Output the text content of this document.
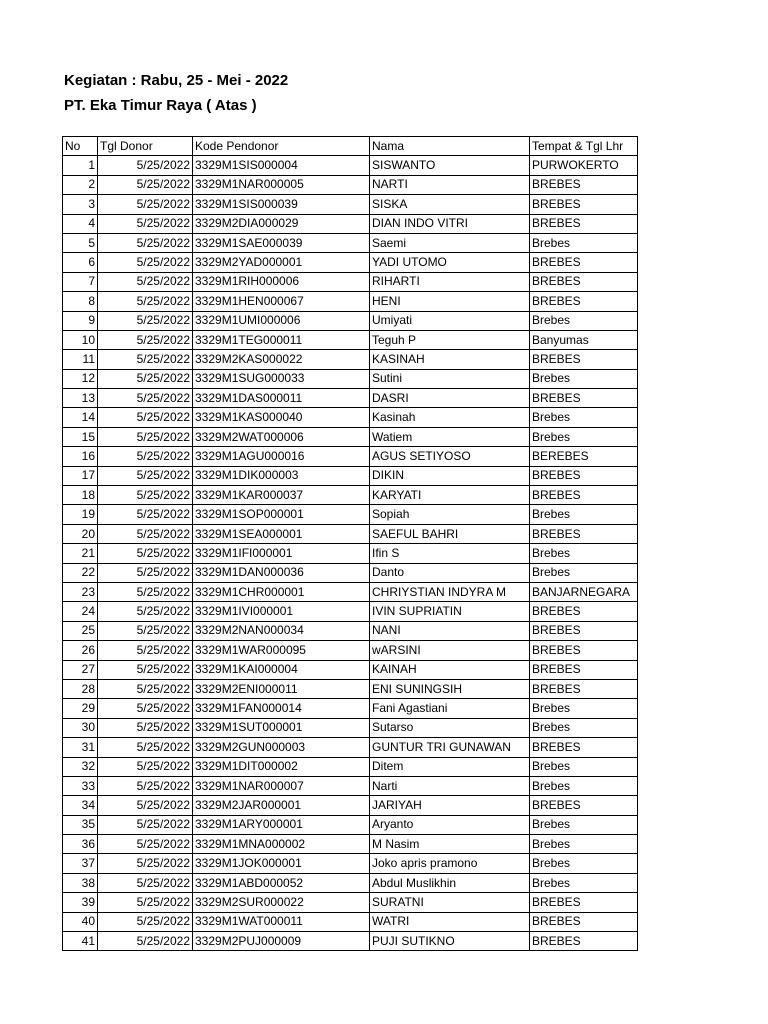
Kegiatan : Rabu, 25 - Mei - 2022
PT. Eka Timur Raya ( Atas )
No	Tgl Donor	Kode Pendonor	Nama	Tempat & Tgl Lhr
1	5/25/2022	3329M1SIS000004	SISWANTO	PURWOKERTO
2	5/25/2022	3329M1NAR000005	NARTI	BREBES
3	5/25/2022	3329M1SIS000039	SISKA	BREBES
4	5/25/2022	3329M2DIA000029	DIAN INDO VITRI	BREBES
5	5/25/2022	3329M1SAE000039	Saemi	Brebes
6	5/25/2022	3329M2YAD000001	YADI UTOMO	BREBES
7	5/25/2022	3329M1RIH000006	RIHARTI	BREBES
8	5/25/2022	3329M1HEN000067	HENI	BREBES
9	5/25/2022	3329M1UMI000006	Umiyati	Brebes
10	5/25/2022	3329M1TEG000011	Teguh P	Banyumas
11	5/25/2022	3329M2KAS000022	KASINAH	BREBES
12	5/25/2022	3329M1SUG000033	Sutini	Brebes
13	5/25/2022	3329M1DAS000011	DASRI	BREBES
14	5/25/2022	3329M1KAS000040	Kasinah	Brebes
15	5/25/2022	3329M2WAT000006	Watiem	Brebes
16	5/25/2022	3329M1AGU000016	AGUS SETIYOSO	BEREBES
17	5/25/2022	3329M1DIK000003	DIKIN	BREBES
18	5/25/2022	3329M1KAR000037	KARYATI	BREBES
19	5/25/2022	3329M1SOP000001	Sopiah	Brebes
20	5/25/2022	3329M1SEA000001	SAEFUL BAHRI	BREBES
21	5/25/2022	3329M1IFI000001	Ifin S	Brebes
22	5/25/2022	3329M1DAN000036	Danto	Brebes
23	5/25/2022	3329M1CHR000001	CHRIYSTIAN INDYRA M	BANJARNEGARA
24	5/25/2022	3329M1IVI000001	IVIN SUPRIATIN	BREBES
25	5/25/2022	3329M2NAN000034	NANI	BREBES
26	5/25/2022	3329M1WAR000095	wARSINI	BREBES
27	5/25/2022	3329M1KAI000004	KAINAH	BREBES
28	5/25/2022	3329M2ENI000011	ENI SUNINGSIH	BREBES
29	5/25/2022	3329M1FAN000014	Fani Agastiani	Brebes
30	5/25/2022	3329M1SUT000001	Sutarso	Brebes
31	5/25/2022	3329M2GUN000003	GUNTUR TRI GUNAWAN	BREBES
32	5/25/2022	3329M1DIT000002	Ditem	Brebes
33	5/25/2022	3329M1NAR000007	Narti	Brebes
34	5/25/2022	3329M2JAR000001	JARIYAH	BREBES
35	5/25/2022	3329M1ARY000001	Aryanto	Brebes
36	5/25/2022	3329M1MNA000002	M Nasim	Brebes
37	5/25/2022	3329M1JOK000001	Joko apris pramono	Brebes
38	5/25/2022	3329M1ABD000052	Abdul Muslikhin	Brebes
39	5/25/2022	3329M2SUR000022	SURATNI	BREBES
40	5/25/2022	3329M1WAT000011	WATRI	BREBES
41	5/25/2022	3329M2PUJ000009	PUJI SUTIKNO	BREBES
